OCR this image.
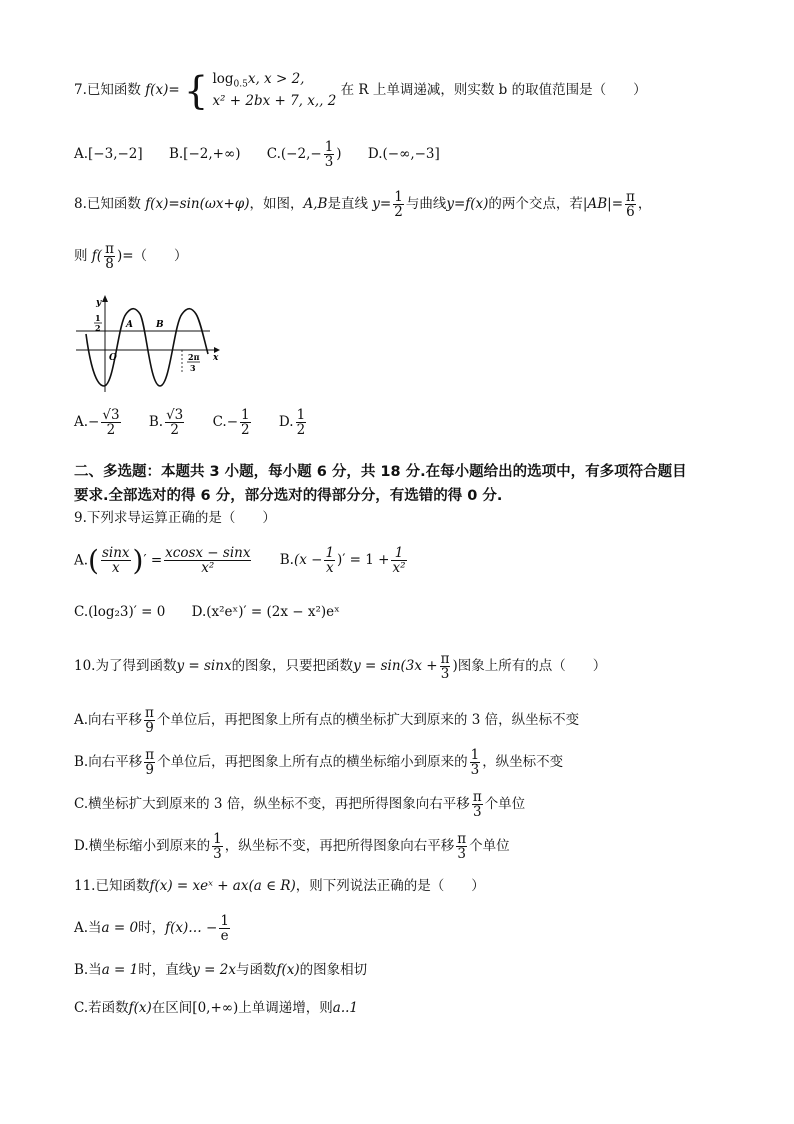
7.已知函数 f(x)= { $\log_{0.5}x$, x > 2,
x² + 2bx + 7, x,, 2
在 R 上单调递减，则实数 b 的取值范围是（　　）
A.[−3,−2] B.[−2,+∞) $C.(-2,- \frac{1}{3}$ ) D.(−∞,−3]
8.已知函数 f(x)=sin(ωx+φ)，如图，A,B是直线 $y= \frac{1}{2}$ 与曲线y=f(x)的两个交点，若$|AB|= \frac{\pi}{6}$ ，
则 $f( \frac{\pi}{8}$ )=（　　）
y
x
1
2	A	B
O	2π
3
$A.- \frac{√3}{2} B$. $\frac{√3}{2} C.- \frac{1}{2} D$. $\frac{1}{2}$
二、多选题：本题共 3 小题，每小题 6 分，共 18 分.在每小题给出的选项中，有多项符合题目
要求.全部选对的得 6 分，部分选对的得部分分，有选错的得 0 分.
9.下列求导运算正确的是（　　）
$A.( \frac{\sin x}{x}$ )′ = $\frac{xcosx - \sin x}{\text{x²}} B.(x - \frac{1}{x}$ )′ = $1 + \frac{1}{\text{x²}}$
C.(log₂3)′ = 0 D.(x²eˣ)′ = (2x − x²)eˣ
10.为了得到函数y = sinx的图象，只要把函数$y = \sin(3x + \frac{\pi}{3}$ )图象上所有的点（　　）
A.向右平移 $\frac{\pi}{9}$ 个单位后，再把图象上所有点的横坐标扩大到原来的 3 倍，纵坐标不变
B.向右平移 $\frac{\pi}{9}$ 个单位后，再把图象上所有点的横坐标缩小到原来的 $\frac{1}{3}$ ，纵坐标不变
C.横坐标扩大到原来的 3 倍，纵坐标不变，再把所得图象向右平移 $\frac{\pi}{3}$ 个单位
D.横坐标缩小到原来的 $\frac{1}{3}$ ，纵坐标不变，再把所得图象向右平移 $\frac{\pi}{3}$ 个单位
11.已知函数f(x) = xeˣ + ax(a ∈ R)，则下列说法正确的是（　　）
A.当a = 0时，f(x)… − $\frac{1}{e}$
B.当a = 1时，直线y = 2x与函数f(x)的图象相切
C.若函数f(x)在区间[0,+∞)上单调递增，则a..1
